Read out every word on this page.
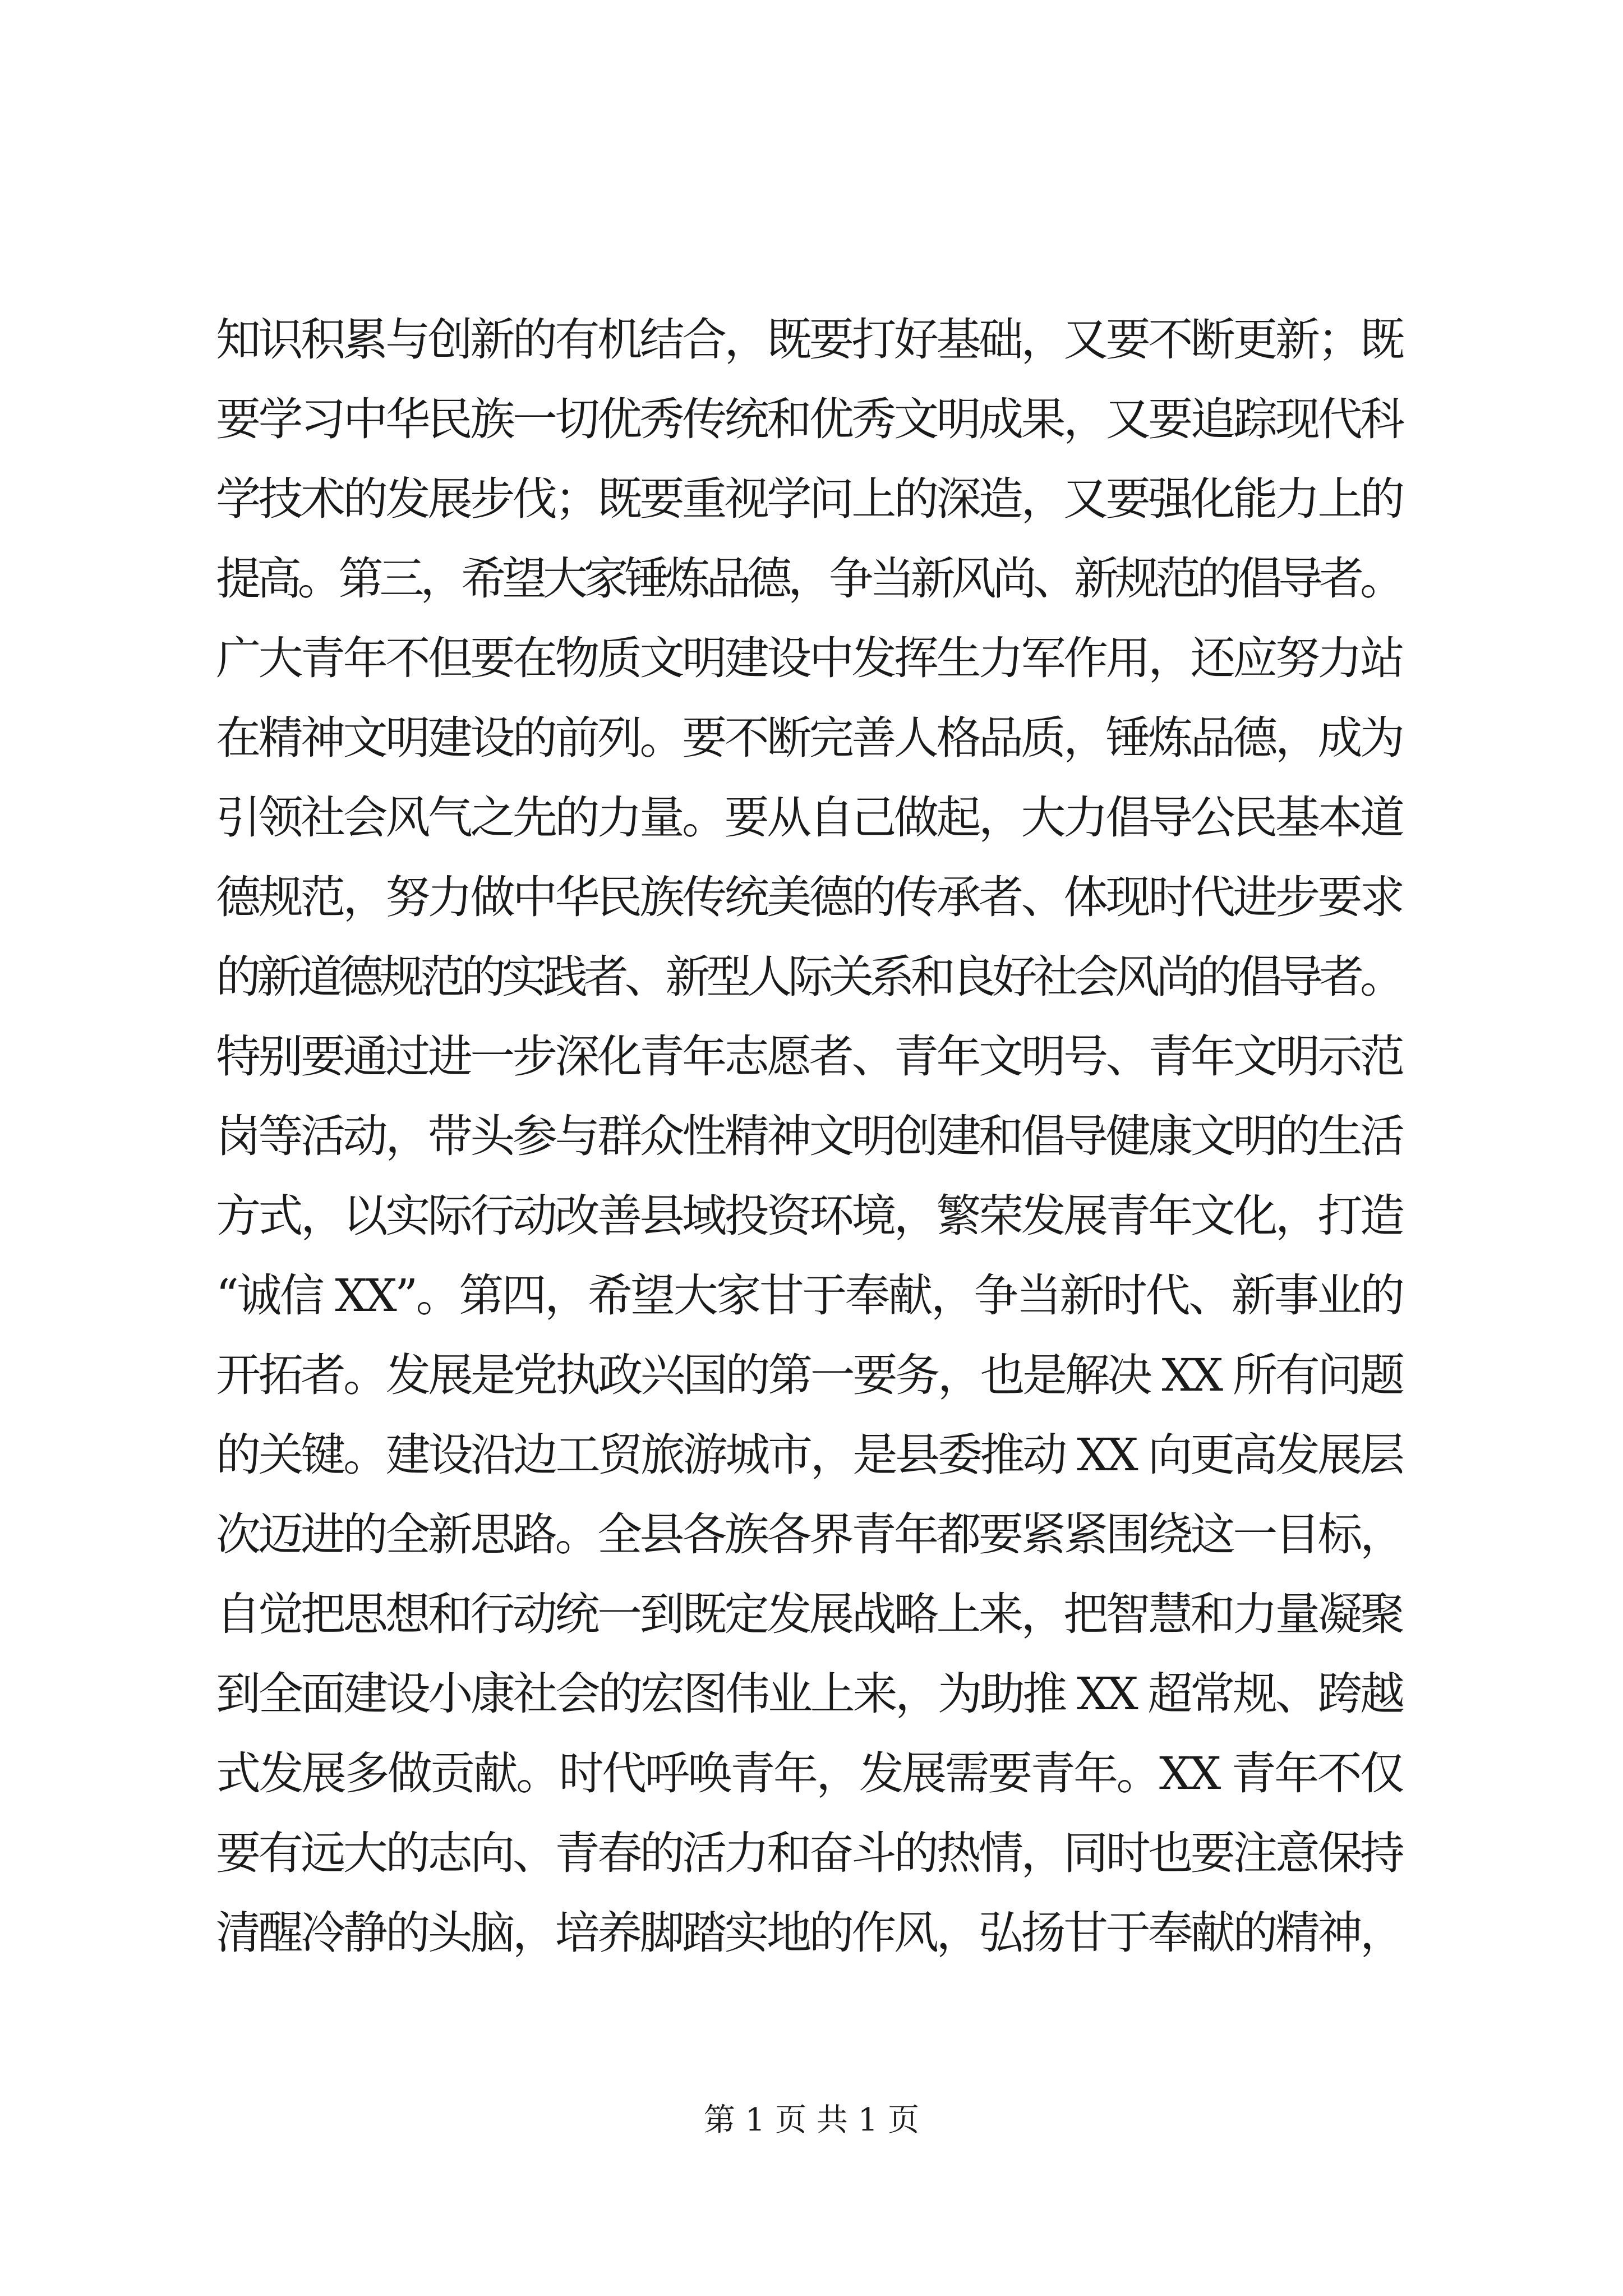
知识积累与创新的有机结合，既要打好基础，又要不断更新；既
要学习中华民族一切优秀传统和优秀文明成果，又要追踪现代科
学技术的发展步伐；既要重视学问上的深造，又要强化能力上的
提高。第三，希望大家锤炼品德，争当新风尚、新规范的倡导者。
广大青年不但要在物质文明建设中发挥生力军作用，还应努力站
在精神文明建设的前列。要不断完善人格品质，锤炼品德，成为
引领社会风气之先的力量。要从自己做起，大力倡导公民基本道
德规范，努力做中华民族传统美德的传承者、体现时代进步要求
的新道德规范的实践者、新型人际关系和良好社会风尚的倡导者。
特别要通过进一步深化青年志愿者、青年文明号、青年文明示范
岗等活动，带头参与群众性精神文明创建和倡导健康文明的生活
方式，以实际行动改善县域投资环境，繁荣发展青年文化，打造
“诚信 XX”。第四，希望大家甘于奉献，争当新时代、新事业的
开拓者。发展是党执政兴国的第一要务，也是解决 XX 所有问题
的关键。建设沿边工贸旅游城市，是县委推动 XX 向更高发展层
次迈进的全新思路。全县各族各界青年都要紧紧围绕这一目标，
自觉把思想和行动统一到既定发展战略上来，把智慧和力量凝聚
到全面建设小康社会的宏图伟业上来，为助推 XX 超常规、跨越
式发展多做贡献。时代呼唤青年，发展需要青年。XX 青年不仅
要有远大的志向、青春的活力和奋斗的热情，同时也要注意保持
清醒冷静的头脑，培养脚踏实地的作风，弘扬甘于奉献的精神，
第 1 页 共 1 页
